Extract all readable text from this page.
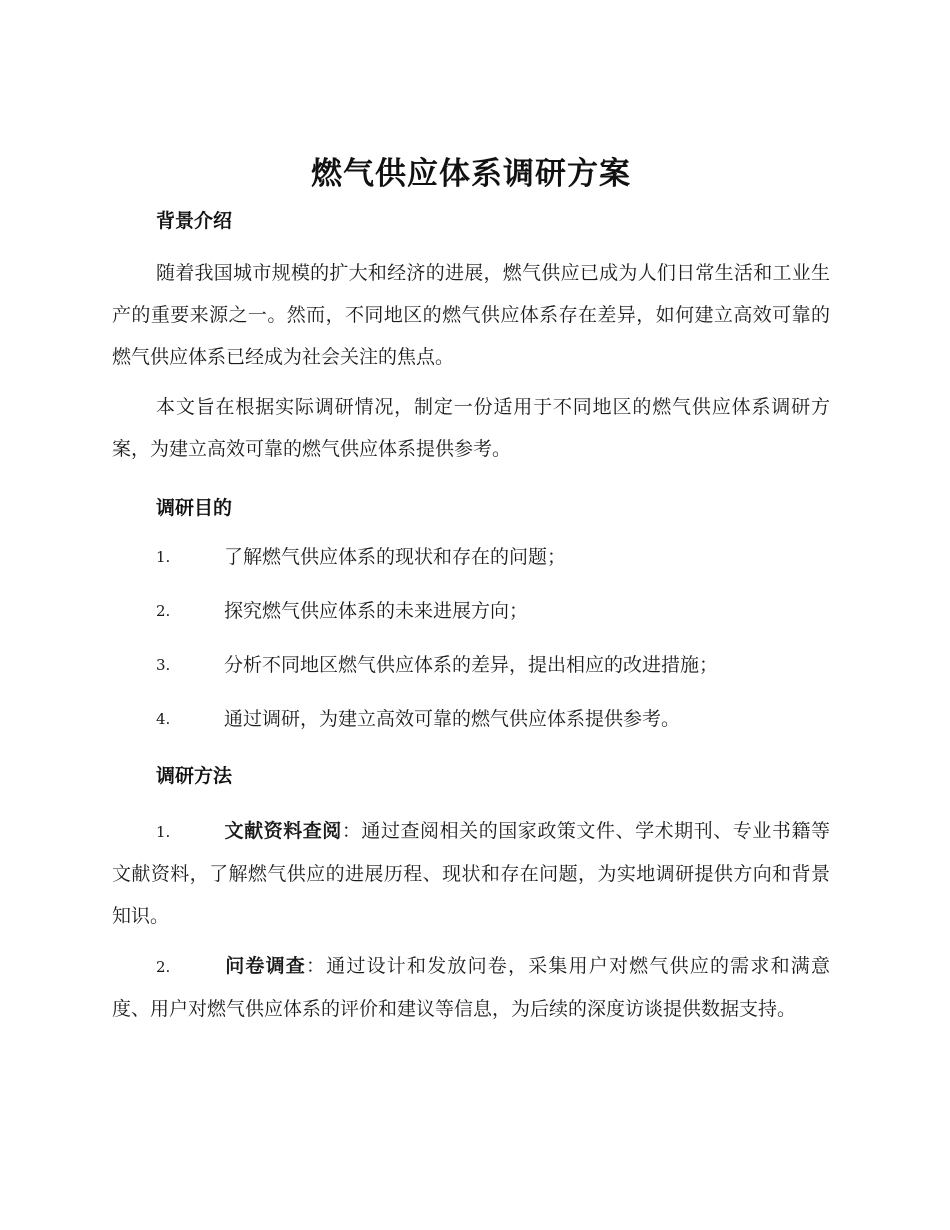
燃气供应体系调研方案
背景介绍

随着我国城市规模的扩大和经济的进展，燃气供应已成为人们日常生活和工业生产的重要来源之一。然而，不同地区的燃气供应体系存在差异，如何建立高效可靠的燃气供应体系已经成为社会关注的焦点。

本文旨在根据实际调研情况，制定一份适用于不同地区的燃气供应体系调研方案，为建立高效可靠的燃气供应体系提供参考。

调研目的
1.	了解燃气供应体系的现状和存在的问题；
2.	探究燃气供应体系的未来进展方向；
3.	分析不同地区燃气供应体系的差异，提出相应的改进措施；
4.	通过调研，为建立高效可靠的燃气供应体系提供参考。
调研方法
1.	文献资料查阅：通过查阅相关的国家政策文件、学术期刊、专业书籍等文献资料，了解燃气供应的进展历程、现状和存在问题，为实地调研提供方向和背景知识。
2.	问卷调查：通过设计和发放问卷，采集用户对燃气供应的需求和满意度、用户对燃气供应体系的评价和建议等信息，为后续的深度访谈提供数据支持。
